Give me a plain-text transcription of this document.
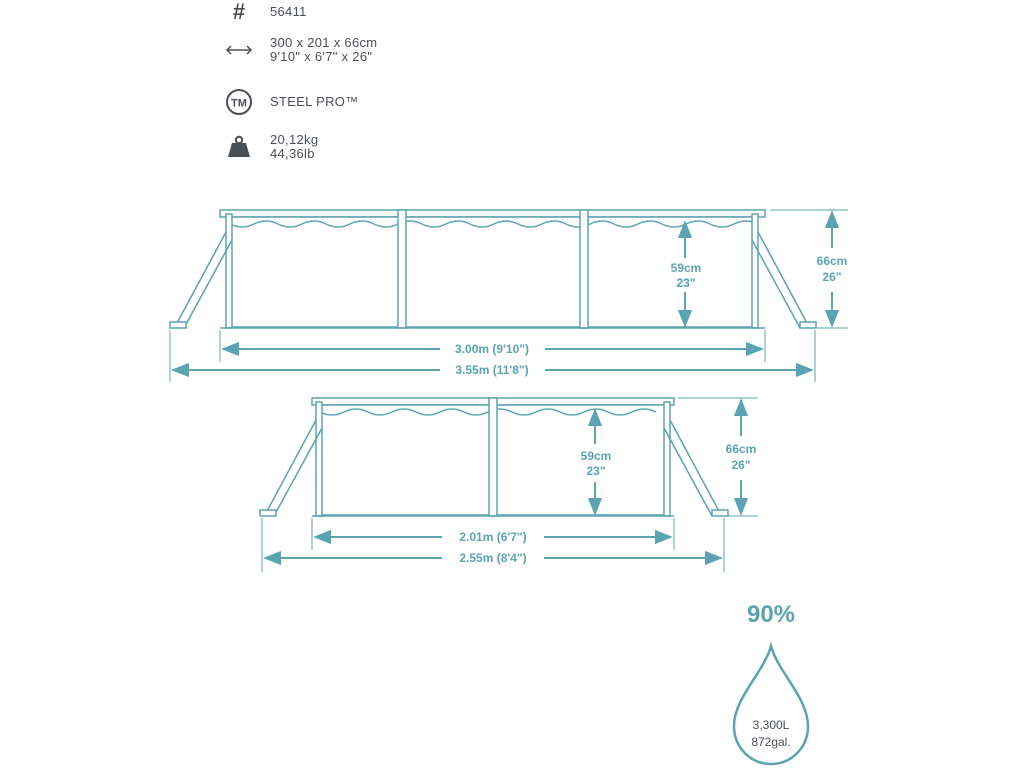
# 56411
300 x 201 x 66cm
9'10" x 6'7" x 26"
TM STEEL PRO™
20,12kg
44,36lb
59cm
23"
66cm
26"
3.00m (9'10")
3.55m (11'8")
59cm
23"
66cm
26"
2.01m (6'7")
2.55m (8'4")
90%
3,300L
872gal.
